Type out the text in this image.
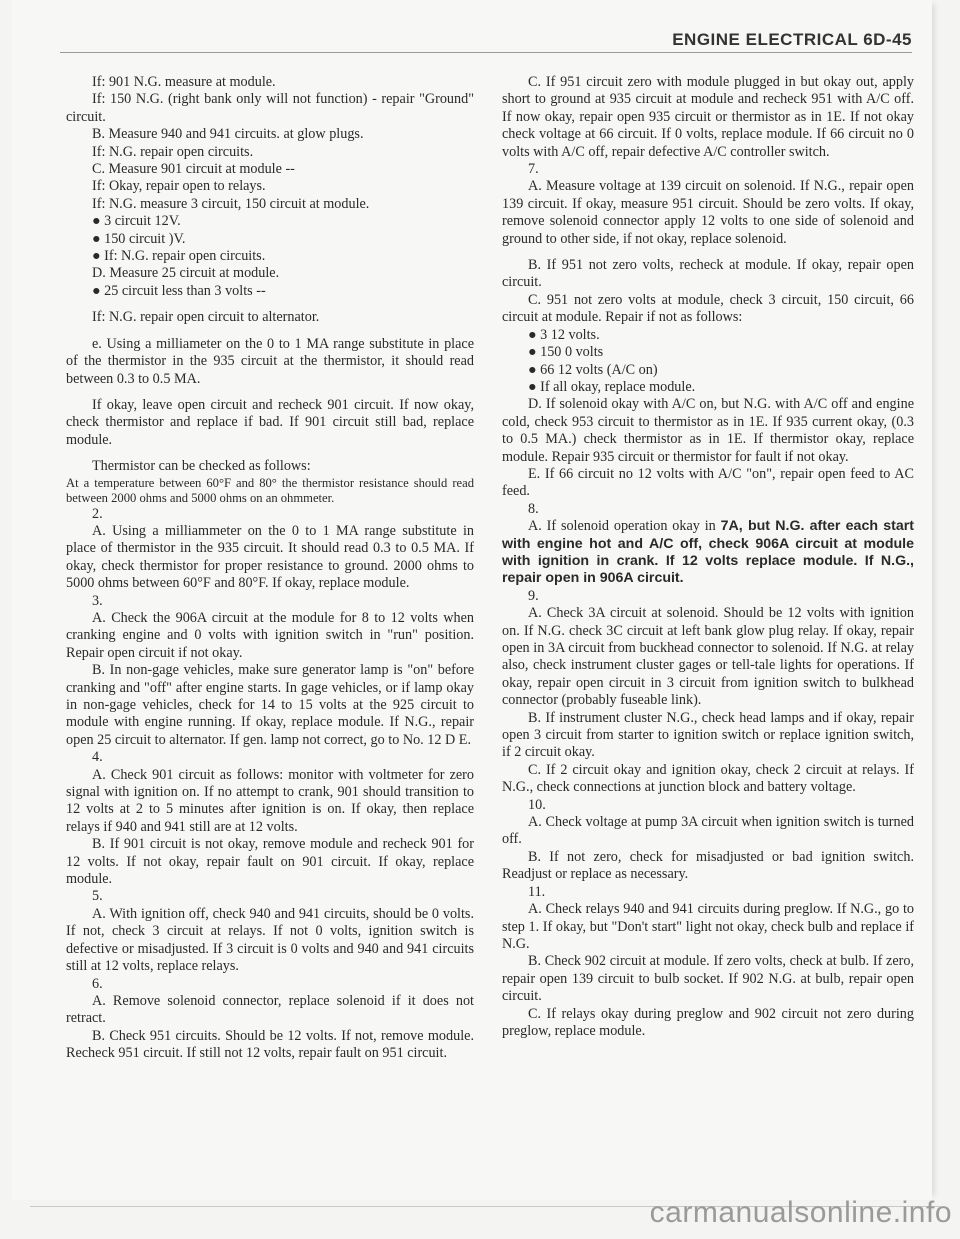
ENGINE ELECTRICAL 6D-45

If: 901 N.G. measure at module.

If: 150 N.G. (right bank only will not function) - repair "Ground" circuit.

B. Measure 940 and 941 circuits. at glow plugs.

If: N.G. repair open circuits.

C. Measure 901 circuit at module --

If: Okay, repair open to relays.

If: N.G. measure 3 circuit, 150 circuit at module.

● 3 circuit 12V.

● 150 circuit )V.

● If: N.G. repair open circuits.

D. Measure 25 circuit at module.

● 25 circuit less than 3 volts --

If: N.G. repair open circuit to alternator.

e. Using a milliameter on the 0 to 1 MA range substitute in place of the thermistor in the 935 circuit at the thermistor, it should read between 0.3 to 0.5 MA.

If okay, leave open circuit and recheck 901 circuit. If now okay, check thermistor and replace if bad. If 901 circuit still bad, replace module.

Thermistor can be checked as follows:

At a temperature between 60°F and 80° the thermistor resistance should read between 2000 ohms and 5000 ohms on an ohmmeter.

2.

A. Using a milliammeter on the 0 to 1 MA range substitute in place of thermistor in the 935 circuit. It should read 0.3 to 0.5 MA. If okay, check thermistor for proper resistance to ground. 2000 ohms to 5000 ohms between 60°F and 80°F. If okay, replace module.

3.

A. Check the 906A circuit at the module for 8 to 12 volts when cranking engine and 0 volts with ignition switch in "run" position. Repair open circuit if not okay.

B. In non-gage vehicles, make sure generator lamp is "on" before cranking and "off" after engine starts. In gage vehicles, or if lamp okay in non-gage vehicles, check for 14 to 15 volts at the 925 circuit to module with engine running. If okay, replace module. If N.G., repair open 25 circuit to alternator. If gen. lamp not correct, go to No. 12 D E.

4.

A. Check 901 circuit as follows: monitor with voltmeter for zero signal with ignition on. If no attempt to crank, 901 should transition to 12 volts at 2 to 5 minutes after ignition is on. If okay, then replace relays if 940 and 941 still are at 12 volts.

B. If 901 circuit is not okay, remove module and recheck 901 for 12 volts. If not okay, repair fault on 901 circuit. If okay, replace module.

5.

A. With ignition off, check 940 and 941 circuits, should be 0 volts. If not, check 3 circuit at relays. If not 0 volts, ignition switch is defective or misadjusted. If 3 circuit is 0 volts and 940 and 941 circuits still at 12 volts, replace relays.

6.

A. Remove solenoid connector, replace solenoid if it does not retract.

B. Check 951 circuits. Should be 12 volts. If not, remove module. Recheck 951 circuit. If still not 12 volts, repair fault on 951 circuit.

C. If 951 circuit zero with module plugged in but okay out, apply short to ground at 935 circuit at module and recheck 951 with A/C off. If now okay, repair open 935 circuit or thermistor as in 1E. If not okay check voltage at 66 circuit. If 0 volts, replace module. If 66 circuit no 0 volts with A/C off, repair defective A/C controller switch.

7.

A. Measure voltage at 139 circuit on solenoid. If N.G., repair open 139 circuit. If okay, measure 951 circuit. Should be zero volts. If okay, remove solenoid connector apply 12 volts to one side of solenoid and ground to other side, if not okay, replace solenoid.

B. If 951 not zero volts, recheck at module. If okay, repair open circuit.

C. 951 not zero volts at module, check 3 circuit, 150 circuit, 66 circuit at module. Repair if not as follows:

● 3 12 volts.

● 150 0 volts

● 66 12 volts (A/C on)

● If all okay, replace module.

D. If solenoid okay with A/C on, but N.G. with A/C off and engine cold, check 953 circuit to thermistor as in 1E. If 935 current okay, (0.3 to 0.5 MA.) check thermistor as in 1E. If thermistor okay, replace module. Repair 935 circuit or thermistor for fault if not okay.

E. If 66 circuit no 12 volts with A/C "on", repair open feed to AC feed.

8.

A. If solenoid operation okay in 7A, but N.G. after each start with engine hot and A/C off, check 906A circuit at module with ignition in crank. If 12 volts replace module. If N.G., repair open in 906A circuit.

9.

A. Check 3A circuit at solenoid. Should be 12 volts with ignition on. If N.G. check 3C circuit at left bank glow plug relay. If okay, repair open in 3A circuit from buckhead connector to solenoid. If N.G. at relay also, check instrument cluster gages or tell-tale lights for operations. If okay, repair open circuit in 3 circuit from ignition switch to bulkhead connector (probably fuseable link).

B. If instrument cluster N.G., check head lamps and if okay, repair open 3 circuit from starter to ignition switch or replace ignition switch, if 2 circuit okay.

C. If 2 circuit okay and ignition okay, check 2 circuit at relays. If N.G., check connections at junction block and battery voltage.

10.

A. Check voltage at pump 3A circuit when ignition switch is turned off.

B. If not zero, check for misadjusted or bad ignition switch. Readjust or replace as necessary.

11.

A. Check relays 940 and 941 circuits during preglow. If N.G., go to step 1. If okay, but "Don't start" light not okay, check bulb and replace if N.G.

B. Check 902 circuit at module. If zero volts, check at bulb. If zero, repair open 139 circuit to bulb socket. If 902 N.G. at bulb, repair open circuit.

C. If relays okay during preglow and 902 circuit not zero during preglow, replace module.

carmanualsonline.info
